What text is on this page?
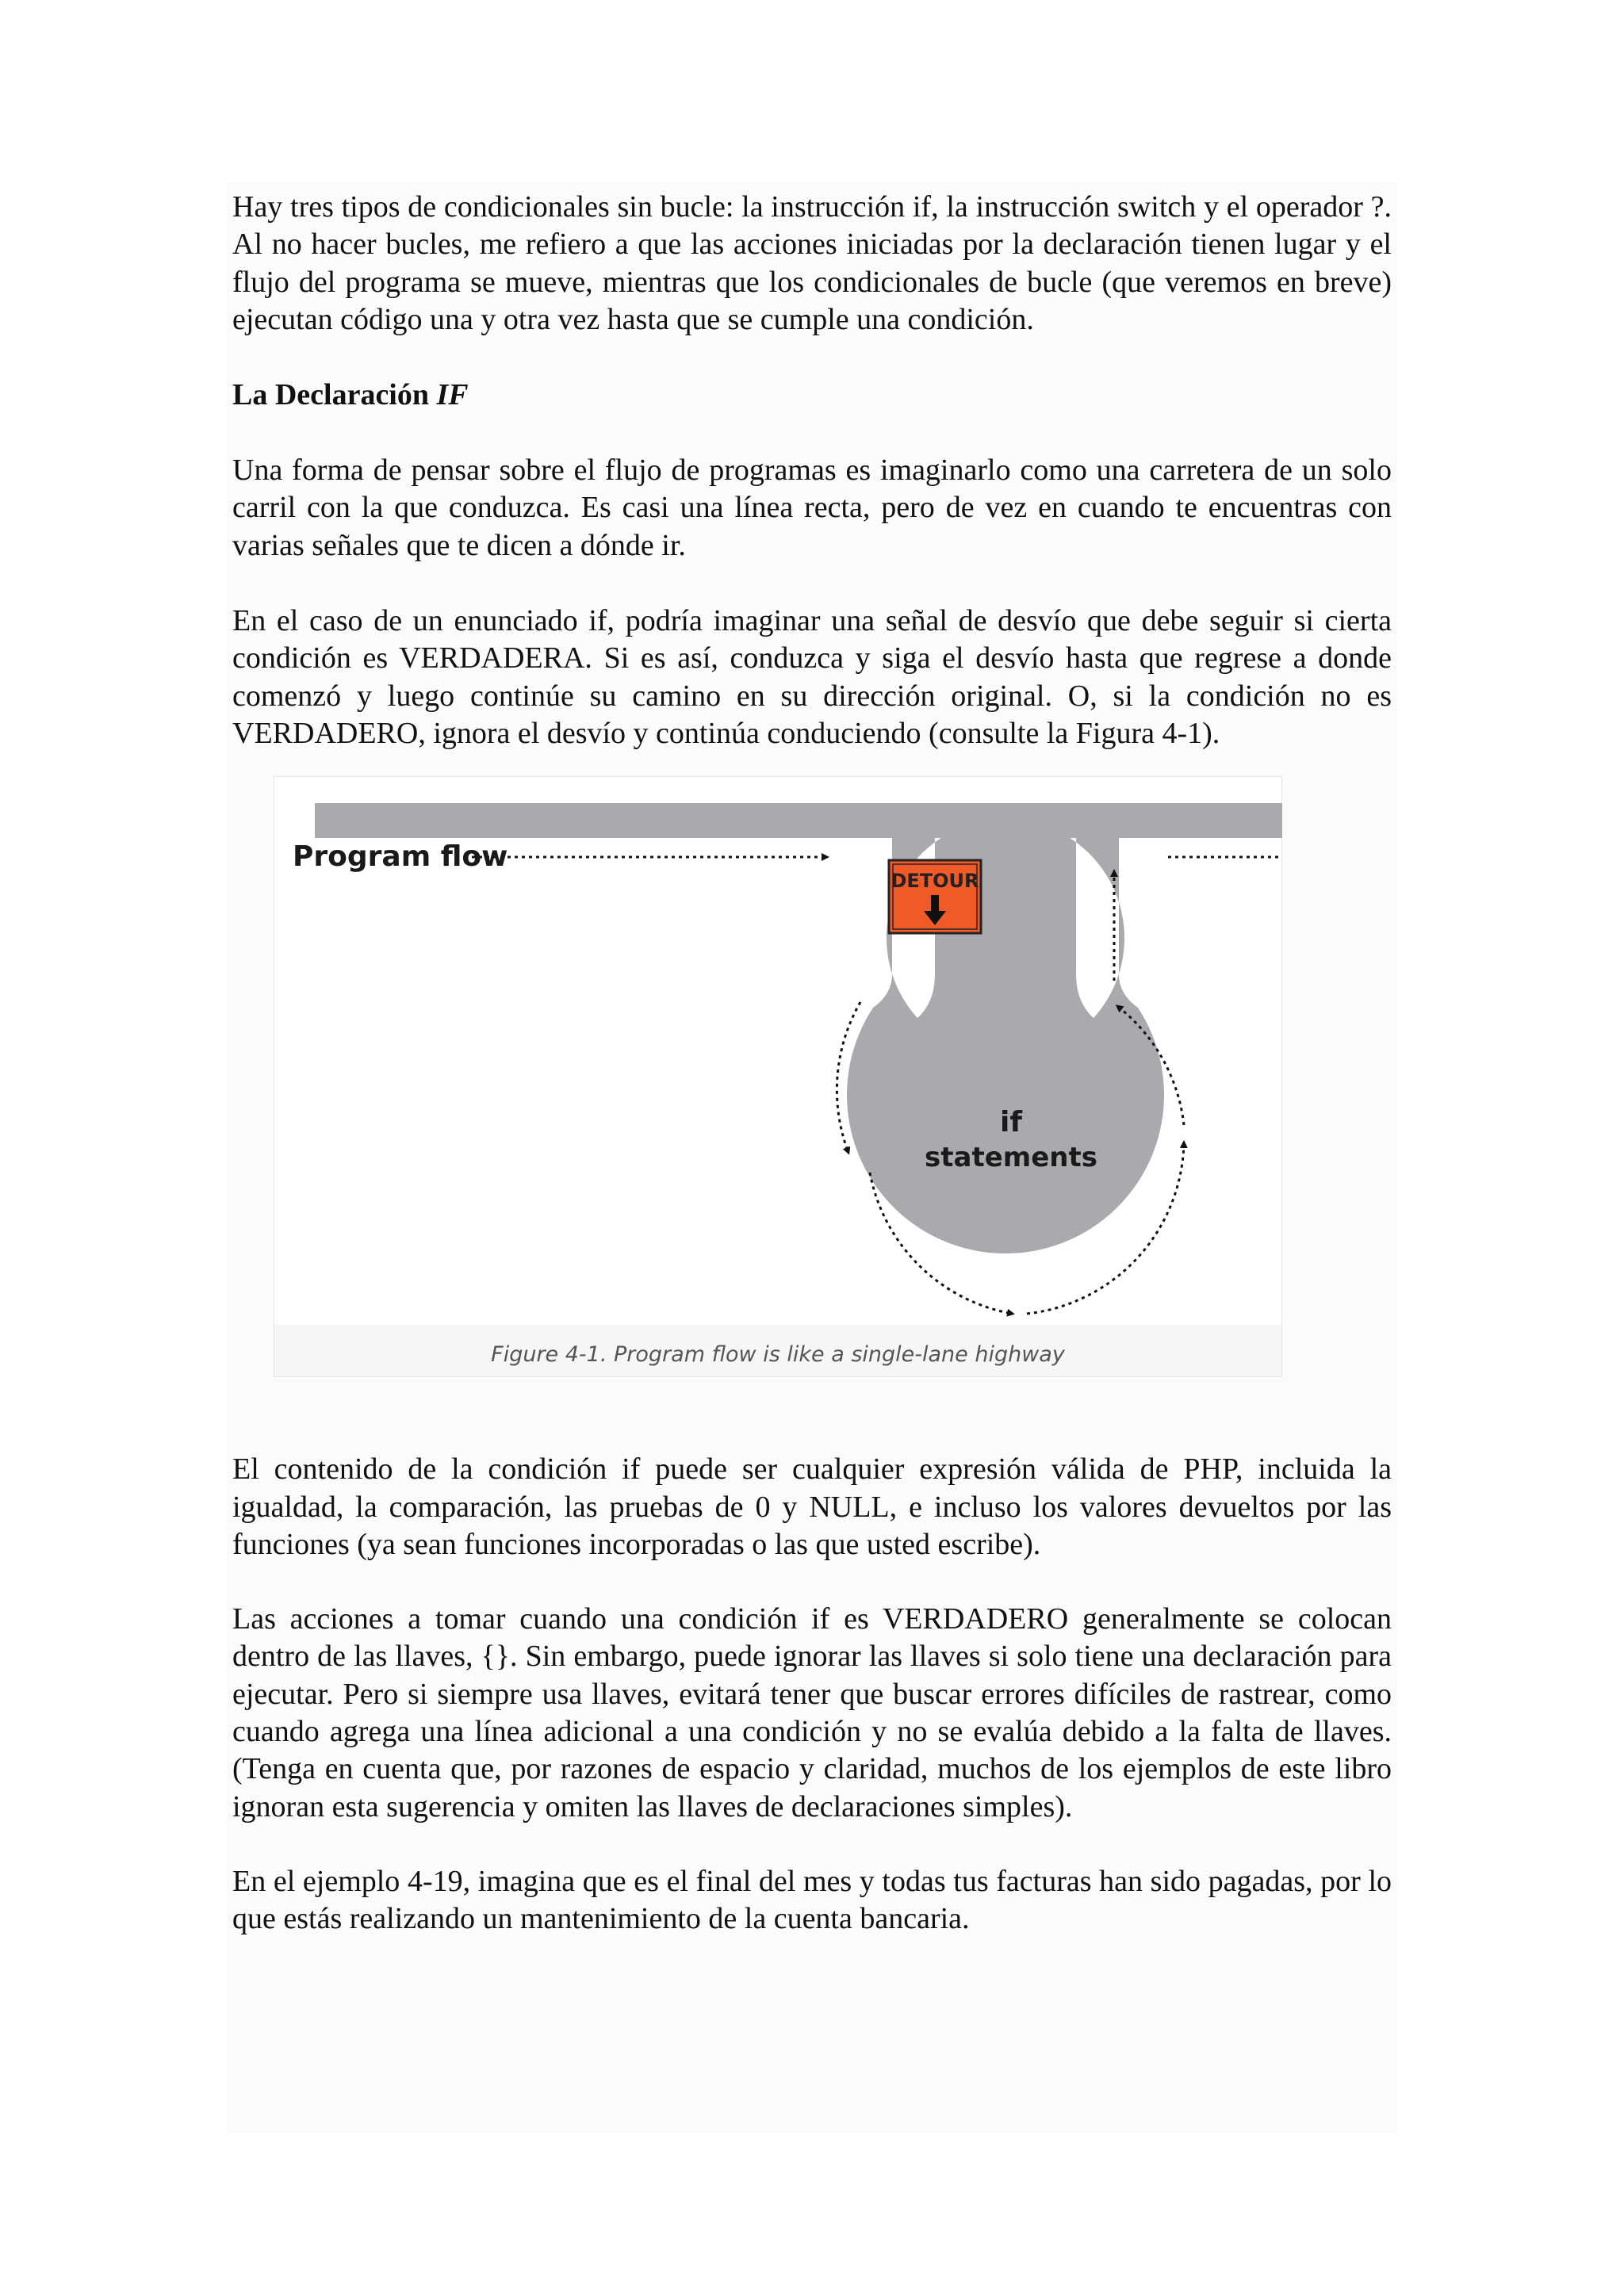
Hay tres tipos de condicionales sin bucle: la instrucción if, la instrucción switch y el operador ?. Al no hacer bucles, me refiero a que las acciones iniciadas por la declaración tienen lugar y el flujo del programa se mueve, mientras que los condicionales de bucle (que veremos en breve) ejecutan código una y otra vez hasta que se cumple una condición.

La Declaración IF

Una forma de pensar sobre el flujo de programas es imaginarlo como una carretera de un solo carril con la que conduzca. Es casi una línea recta, pero de vez en cuando te encuentras con varias señales que te dicen a dónde ir.

En el caso de un enunciado if, podría imaginar una señal de desvío que debe seguir si cierta condición es VERDADERA. Si es así, conduzca y siga el desvío hasta que regrese a donde comenzó y luego continúe su camino en su dirección original. O, si la condición no es VERDADERO, ignora el desvío y continúa conduciendo (consulte la Figura 4-1).

DETOUR
Program flow
if
statements
Figure 4-1. Program flow is like a single-lane highway

El contenido de la condición if puede ser cualquier expresión válida de PHP, incluida la igualdad, la comparación, las pruebas de 0 y NULL, e incluso los valores devueltos por las funciones (ya sean funciones incorporadas o las que usted escribe).

Las acciones a tomar cuando una condición if es VERDADERO generalmente se colocan dentro de las llaves, {}. Sin embargo, puede ignorar las llaves si solo tiene una declaración para ejecutar. Pero si siempre usa llaves, evitará tener que buscar errores difíciles de rastrear, como cuando agrega una línea adicional a una condición y no se evalúa debido a la falta de llaves. (Tenga en cuenta que, por razones de espacio y claridad, muchos de los ejemplos de este libro ignoran esta sugerencia y omiten las llaves de declaraciones simples).

En el ejemplo 4-19, imagina que es el final del mes y todas tus facturas han sido pagadas, por lo que estás realizando un mantenimiento de la cuenta bancaria.
